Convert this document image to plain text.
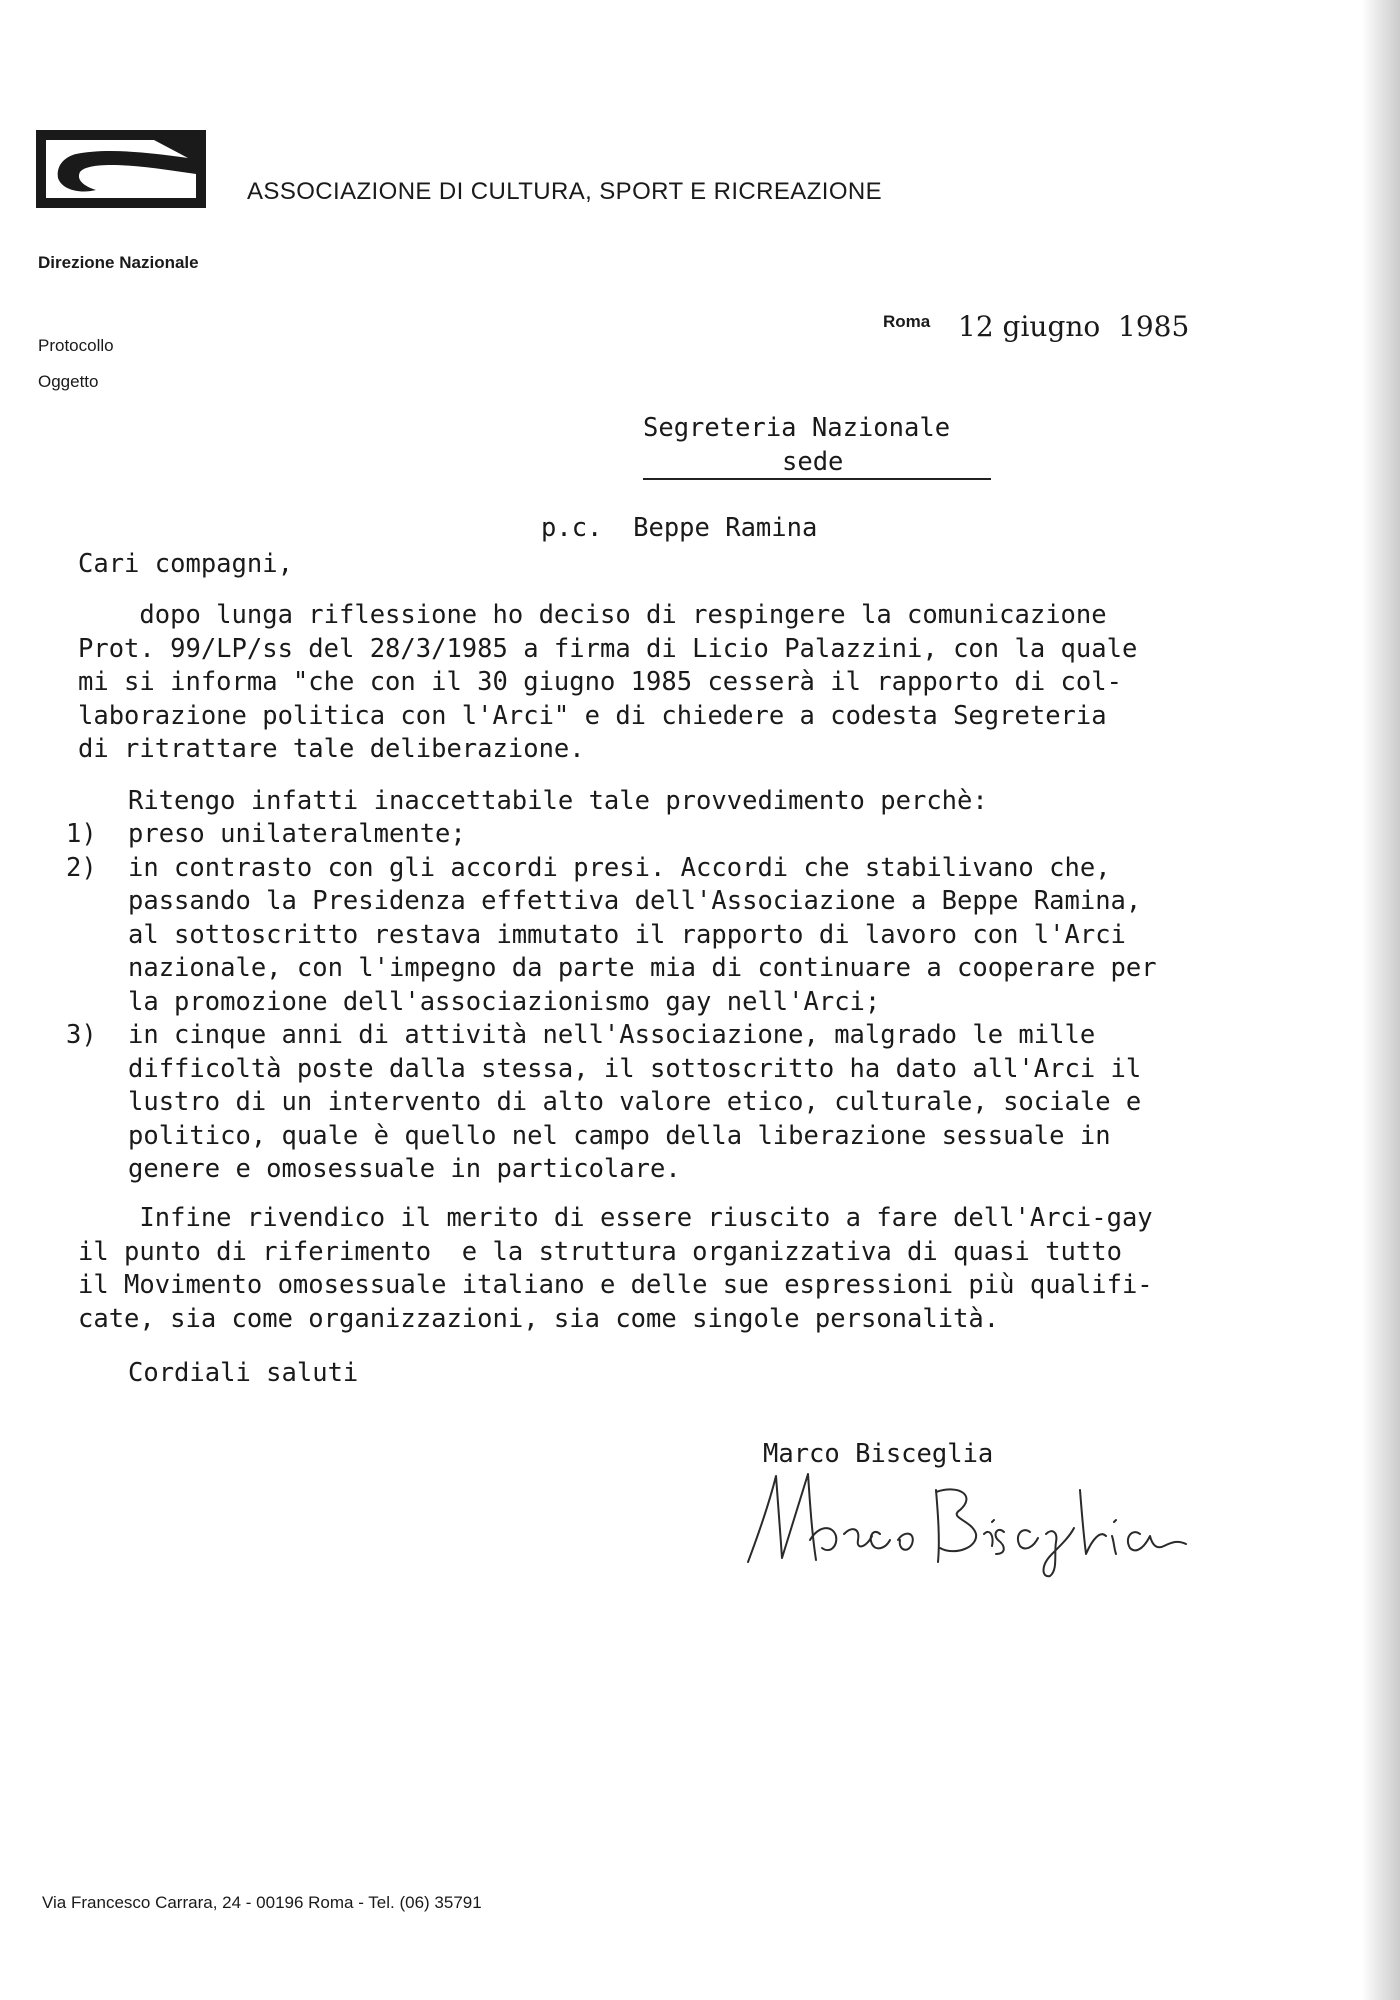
ASSOCIAZIONE DI CULTURA, SPORT E RICREAZIONE
Direzione Nazionale
Protocollo
Oggetto
Roma 12 giugno  1985
Segreteria Nazionale
sede
p.c.  Beppe Ramina
Cari compagni,
dopo lunga riflessione ho deciso di respingere la comunicazione
Prot. 99/LP/ss del 28/3/1985 a firma di Licio Palazzini, con la quale
mi si informa "che con il 30 giugno 1985 cesserà il rapporto di col-
laborazione politica con l'Arci" e di chiedere a codesta Segreteria
di ritrattare tale deliberazione.
Ritengo infatti inaccettabile tale provvedimento perchè:
1)	preso unilateralmente;
2)	in contrasto con gli accordi presi. Accordi che stabilivano che,
passando la Presidenza effettiva dell'Associazione a Beppe Ramina,
al sottoscritto restava immutato il rapporto di lavoro con l'Arci
nazionale, con l'impegno da parte mia di continuare a cooperare per
la promozione dell'associazionismo gay nell'Arci;
3)	in cinque anni di attività nell'Associazione, malgrado le mille
difficoltà poste dalla stessa, il sottoscritto ha dato all'Arci il
lustro di un intervento di alto valore etico, culturale, sociale e
politico, quale è quello nel campo della liberazione sessuale in
genere e omosessuale in particolare.
Infine rivendico il merito di essere riuscito a fare dell'Arci-gay
il punto di riferimento  e la struttura organizzativa di quasi tutto
il Movimento omosessuale italiano e delle sue espressioni più qualifi-
cate, sia come organizzazioni, sia come singole personalità.
Cordiali saluti
Marco Bisceglia
Via Francesco Carrara, 24 - 00196 Roma - Tel. (06) 35791
